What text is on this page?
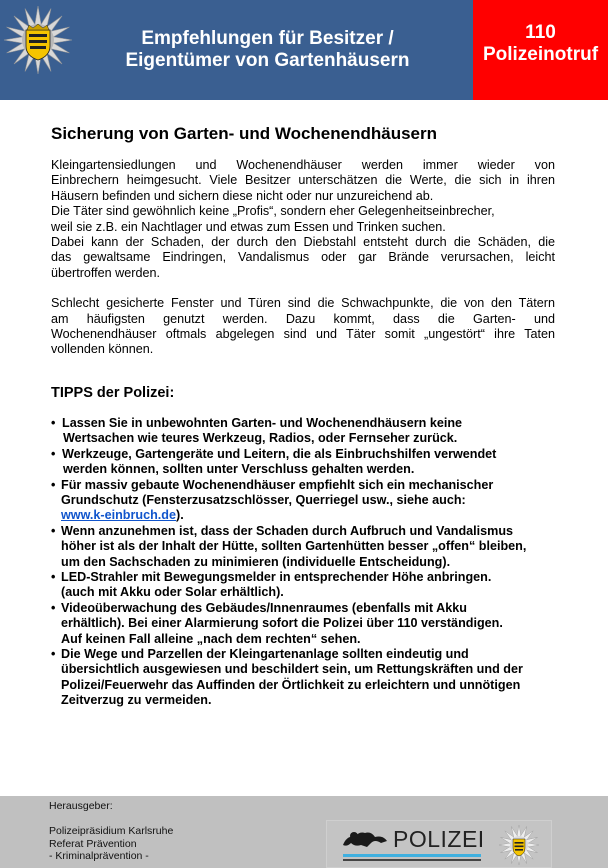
Empfehlungen für Besitzer /
Eigentümer von Gartenhäusern
110
Polizeinotruf
Sicherung von Garten- und Wochenendhäusern
Kleingartensiedlungen und Wochenendhäuser werden immer wieder von
Einbrechern heimgesucht. Viele Besitzer unterschätzen die Werte, die sich in ihren
Häusern befinden und sichern diese nicht oder nur unzureichend ab.
Die Täter sind gewöhnlich keine „Profis“, sondern eher Gelegenheitseinbrecher,
weil sie z.B. ein Nachtlager und etwas zum Essen und Trinken suchen.
Dabei kann der Schaden, der durch den Diebstahl entsteht durch die Schäden, die
das gewaltsame Eindringen, Vandalismus oder gar Brände verursachen, leicht
übertroffen werden.
Schlecht gesicherte Fenster und Türen sind die Schwachpunkte, die von den Tätern
am häufigsten genutzt werden. Dazu kommt, dass die Garten- und
Wochenendhäuser oftmals abgelegen sind und Täter somit „ungestört“ ihre Taten
vollenden können.
TIPPS der Polizei:
• Lassen Sie in unbewohnten Garten- und Wochenendhäusern keine
Wertsachen wie teures Werkzeug, Radios, oder Fernseher zurück.
• Werkzeuge, Gartengeräte und Leitern, die als Einbruchshilfen verwendet
werden können, sollten unter Verschluss gehalten werden.
• Für massiv gebaute Wochenendhäuser empfiehlt sich ein mechanischer
Grundschutz (Fensterzusatzschlösser, Querriegel usw., siehe auch:
www.k-einbruch.de).
• Wenn anzunehmen ist, dass der Schaden durch Aufbruch und Vandalismus
höher ist als der Inhalt der Hütte, sollten Gartenhütten besser „offen“ bleiben,
um den Sachschaden zu minimieren (individuelle Entscheidung).
• LED-Strahler mit Bewegungsmelder in entsprechender Höhe anbringen.
(auch mit Akku oder Solar erhältlich).
• Videoüberwachung des Gebäudes/Innenraumes (ebenfalls mit Akku
erhältlich). Bei einer Alarmierung sofort die Polizei über 110 verständigen.
Auf keinen Fall alleine „nach dem rechten“ sehen.
• Die Wege und Parzellen der Kleingartenanlage sollten eindeutig und
übersichtlich ausgewiesen und beschildert sein, um Rettungskräften und der
Polizei/Feuerwehr das Auffinden der Örtlichkeit zu erleichtern und unnötigen
Zeitverzug zu vermeiden.
Herausgeber:
Polizeipräsidium Karlsruhe
Referat Prävention
- Kriminalprävention -
POLIZEI
